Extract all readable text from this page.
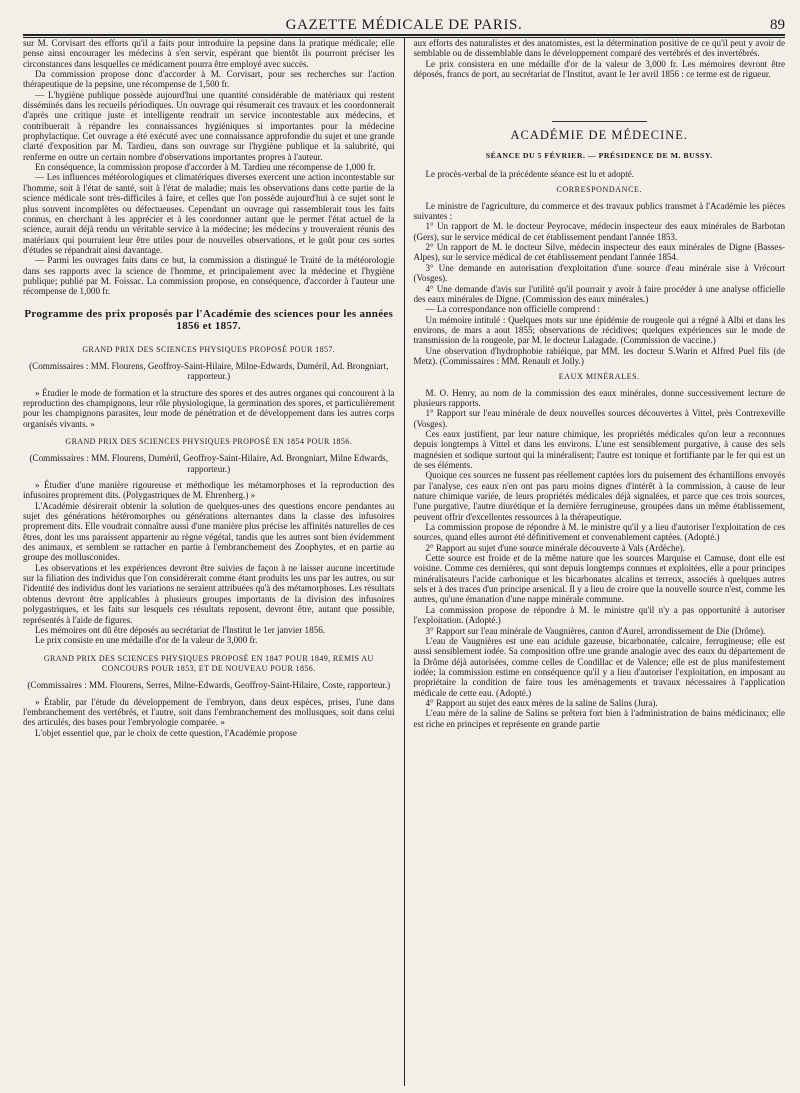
GAZETTE MÉDICALE DE PARIS.	89

sur M. Corvisart des efforts qu'il a faits pour introduire la pepsine dans la pratique médicale; elle pense ainsi encourager les médecins à s'en servir, espérant que bientôt ils pourront préciser les circonstances dans lesquelles ce médicament pourra être employé avec succès.

Da commission propose donc d'accorder à M. Corvisart, pour ses recherches sur l'action thérapeutique de la pepsine, une récompense de 1,500 fr.

— L'hygiène publique possède aujourd'hui une quantité considérable de matériaux qui restent disséminés dans les recueils périodiques. Un ouvrage qui résumerait ces travaux et les coordonnerait d'après une critique juste et intelligente rendrait un service incontestable aux médecins, et contribuerait à répandre les connaissances hygiéniques si importantes pour la médecine prophylactique. Cet ouvrage a été exécuté avec une connaissance approfondie du sujet et une grande clarté d'exposition par M. Tardieu, dans son ouvrage sur l'hygiène publique et la salubrité, qui renferme en outre un certain nombre d'observations importantes propres à l'auteur.

En conséquence, la commission propose d'accorder à M. Tardieu une récompense de 1,000 fr.

— Les influences météorologiques et climatériques diverses exercent une action incontestable sur l'homme, soit à l'état de santé, soit à l'état de maladie; mais les observations dans cette partie de la science médicale sont très-difficiles à faire, et celles que l'on possède aujourd'hui à ce sujet sont le plus souvent incomplètes ou défectueuses. Cependant un ouvrage qui rassemblerait tous les faits connus, en cherchant à les apprécier et à les coordonner autant que le permet l'état actuel de la science, aurait déjà rendu un véritable service à la médecine; les médecins y trouveraient réunis des matériaux qui pourraient leur être utiles pour de nouvelles observations, et le goût pour ces sortes d'études se répandrait ainsi davantage.

— Parmi les ouvrages faits dans ce but, la commission a distingué le Traité de la météorologie dans ses rapports avec la science de l'homme, et principalement avec la médecine et l'hygiène publique; publié par M. Foissac. La commission propose, en conséquence, d'accorder à l'auteur une récompense de 1,000 fr.

Programme des prix proposés par l'Académie des sciences pour les années 1856 et 1857.
GRAND PRIX DES SCIENCES PHYSIQUES PROPOSÉ POUR 1857.

(Commissaires : MM. Flourens, Geoffroy-Saint-Hilaire, Milne-Edwards, Duméril, Ad. Brongniart, rapporteur.)

» Étudier le mode de formation et la structure des spores et des autres organes qui concourent à la reproduction des champignons, leur rôle physiologique, la germination des spores, et particulièrement pour les champignons parasites, leur mode de pénétration et de développement dans les autres corps organisés vivants. »

GRAND PRIX DES SCIENCES PHYSIQUES PROPOSÉ EN 1854 POUR 1856.

(Commissaires : MM. Flourens, Duméril, Geoffroy-Saint-Hilaire, Ad. Brongniart, Milne Edwards, rapporteur.)

» Étudier d'une manière rigoureuse et méthodique les métamorphoses et la reproduction des infusoires proprement dits. (Polygastriques de M. Ehrenberg.) »

L'Académie désirerait obtenir la solution de quelques-unes des questions encore pendantes au sujet des générations hétéromorphes ou générations alternantes dans la classe des infusoires proprement dits. Elle voudrait connaître aussi d'une manière plus précise les affinités naturelles de ces êtres, dont les uns paraissent appartenir au règne végétal, tandis que les autres sont bien évidemment des animaux, et semblent se rattacher en partie à l'embranchement des Zoophytes, et en partie au groupe des mollusconides.

Les observations et les expériences devront être suivies de façon à ne laisser aucune incertitude sur la filiation des individus que l'on considérerait comme étant produits les uns par les autres, ou sur l'identité des individus dont les variations ne seraient attribuées qu'à des métamorphoses. Les résultats obtenus devront être applicables à plusieurs groupes importants de la division des infusoires polygastriques, et les faits sur lesquels ces résultats reposent, devront être, autant que possible, représentés à l'aide de figures.

Les mémoires ont dû être déposés au secrétariat de l'Institut le 1er janvier 1856.

Le prix consiste en une médaille d'or de la valeur de 3,000 fr.

GRAND PRIX DES SCIENCES PHYSIQUES PROPOSÉ EN 1847 POUR 1849, REMIS AU CONCOURS POUR 1853, ET DE NOUVEAU POUR 1856.

(Commissaires : MM. Flourens, Serres, Milne-Edwards, Geoffroy-Saint-Hilaire, Coste, rapporteur.)

» Établir, par l'étude du développement de l'embryon, dans deux espèces, prises, l'une dans l'embranchement des vertébrés, et l'autre, soit dans l'embranchement des mollusques, soit dans celui des articulés, des bases pour l'embryologie comparée. »

L'objet essentiel que, par le choix de cette question, l'Académie propose

aux efforts des naturalistes et des anatomistes, est la détermination positive de ce qu'il peut y avoir de semblable ou de dissemblable dans le développement comparé des vertébrés et des invertébrés.

Le prix consistera en une médaille d'or de la valeur de 3,000 fr. Les mémoires devront être déposés, francs de port, au secrétariat de l'Institut, avant le 1er avril 1856 : ce terme est de rigueur.

ACADÉMIE DE MÉDECINE.
SÉANCE DU 5 FÉVRIER. — PRÉSIDENCE DE M. BUSSY.

Le procès-verbal de la précédente séance est lu et adopté.

CORRESPONDANCE.

Le ministre de l'agriculture, du commerce et des travaux publics transmet à l'Académie les pièces suivantes :

1° Un rapport de M. le docteur Peyrocave, médecin inspecteur des eaux minérales de Barbotan (Gers), sur le service médical de cet établissement pendant l'année 1853.

2° Un rapport de M. le docteur Silve, médecin inspecteur des eaux minérales de Digne (Basses-Alpes), sur le service médical de cet établissement pendant l'année 1854.

3° Une demande en autorisation d'exploitation d'une source d'eau minérale sise à Vrécourt (Vosges).

4° Une demande d'avis sur l'utilité qu'il pourrait y avoir à faire procéder à une analyse officielle des eaux minérales de Digne. (Commission des eaux minérales.)

— La correspondance non officielle comprend :

Un mémoire intitulé : Quelques mots sur une épidémie de rougeole qui a régné à Albi et dans les environs, de mars a aout 1855; observations de récidives; quelques expériences sur le mode de transmission de la rougeole, par M. le docteur Lalagade. (Commission de vaccine.)

Une observation d'hydrophobie rabiéique, par MM. les docteur S.Warin et Alfred Puel fils (de Metz). (Commissaires : MM. Renault et Jolly.)

EAUX MINÉRALES.

M. O. Henry, au nom de la commission des eaux minérales, donne successivement lecture de plusieurs rapports.

1° Rapport sur l'eau minérale de deux nouvelles sources découvertes à Vittel, près Contrexeville (Vosges).

Ces eaux justifient, par leur nature chimique, les propriétés médicales qu'on leur a reconnues depuis longtemps à Vittel et dans les environs. L'une est sensiblement purgative, à cause des sels magnésien et sodique surtout qui la minéralisent; l'autre est tonique et fortifiante par le fer qui est un de ses éléments.

Quoique ces sources ne fussent pas réellement captées lors du puisement des échantillons envoyés par l'analyse, ces eaux n'en ont pas paru moins dignes d'intérêt à la commission, à cause de leur nature chimique variée, de leurs propriétés médicales déjà signalées, et parce que ces trois sources, l'une purgative, l'autre diurétique et la dernière ferrugineuse, groupées dans un même établissement, peuvent offrir d'excellentes ressources à la thérapeutique.

La commission propose de répondre à M. le ministre qu'il y a lieu d'autoriser l'exploitation de ces sources, quand elles auront été définitivement et convenablement captées. (Adopté.)

2° Rapport au sujet d'une source minérale découverte à Vals (Ardèche).

Cette source est froide et de la même nature que les sources Marquise et Camuse, dont elle est voisine. Comme ces dernières, qui sont depuis longtemps connues et exploitées, elle a pour principes minéralisateurs l'acide carbonique et les bicarbonates alcalins et terreux, associés à quelques autres sels et à des traces d'un principe arsenical. Il y a lieu de croire que la nouvelle source n'est, comme les autres, qu'une émanation d'une nappe minérale commune.

La commission propose de répondre à M. le ministre qu'il n'y a pas opportunité à autoriser l'exploitation. (Adopté.)

3° Rapport sur l'eau minérale de Vaugnières, canton d'Aurel, arrondissement de Die (Drôme).

L'eau de Vaugnières est une eau acidule gazeuse, bicarbonatée, calcaire, ferrugineuse; elle est aussi sensiblement iodée. Sa composition offre une grande analogie avec des eaux du département de la Drôme déjà autorisées, comme celles de Condillac et de Valence; elle est de plus manifestement iodée; la commission estime en conséquence qu'il y a lieu d'autoriser l'exploitation, en imposant au propriétaire la condition de faire tous les aménagements et travaux nécessaires à l'application médicale de cette eau. (Adopté.)

4° Rapport au sujet des eaux mères de la saline de Salins (Jura).

L'eau mère de la saline de Salins se prêtera fort bien à l'administration de bains médicinaux; elle est riche en principes et représente en grande partie
